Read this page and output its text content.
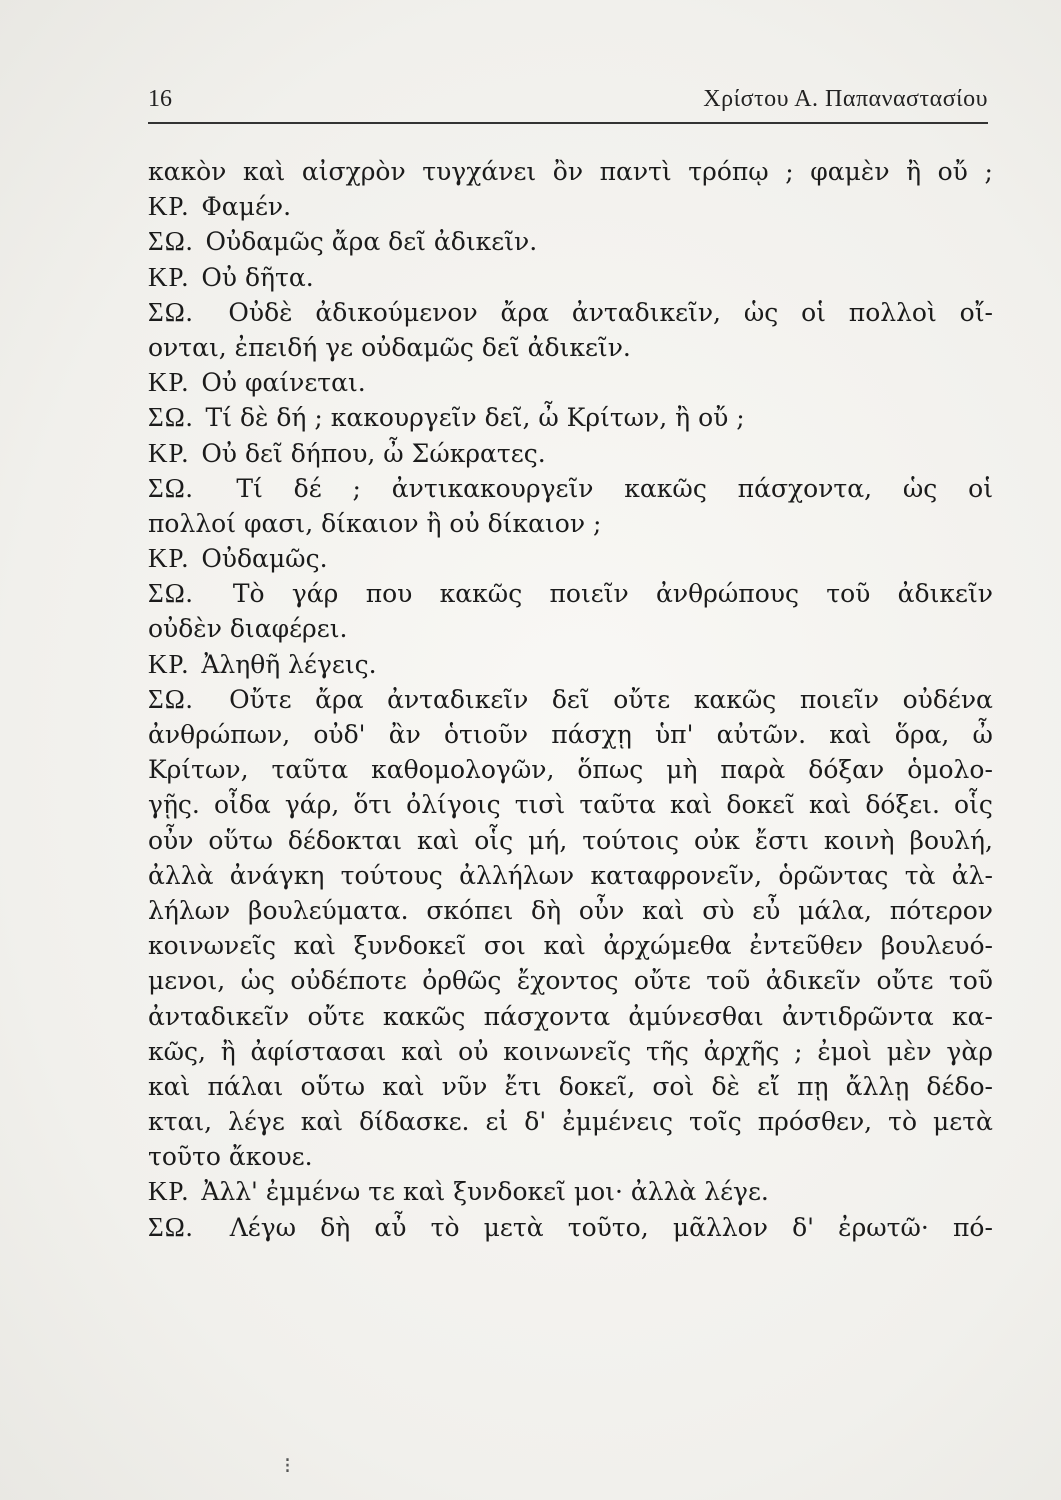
16	Χρίστου Α. Παπαναστασίου
κακὸν καὶ αἰσχρὸν τυγχάνει ὂν παντὶ τρόπῳ ; φαμὲν ἢ οὔ ;
ΚΡ. Φαμέν.
ΣΩ. Οὐδαμῶς ἄρα δεῖ ἀδικεῖν.
ΚΡ. Οὐ δῆτα.
ΣΩ. Οὐδὲ ἀδικούμενον ἄρα ἀνταδικεῖν, ὡς οἱ πολλοὶ οἴ-
ονται, ἐπειδή γε οὐδαμῶς δεῖ ἀδικεῖν.
ΚΡ. Οὐ φαίνεται.
ΣΩ. Τί δὲ δή ; κακουργεῖν δεῖ, ὦ Κρίτων, ἢ οὔ ;
ΚΡ. Οὐ δεῖ δήπου, ὦ Σώκρατες.
ΣΩ. Τί δέ ; ἀντικακουργεῖν κακῶς πάσχοντα, ὡς οἱ
πολλοί φασι, δίκαιον ἢ οὐ δίκαιον ;
ΚΡ. Οὐδαμῶς.
ΣΩ. Τὸ γάρ που κακῶς ποιεῖν ἀνθρώπους τοῦ ἀδικεῖν
οὐδὲν διαφέρει.
ΚΡ. Ἀληθῆ λέγεις.
ΣΩ. Οὔτε ἄρα ἀνταδικεῖν δεῖ οὔτε κακῶς ποιεῖν οὐδένα
ἀνθρώπων, οὐδ' ἂν ὁτιοῦν πάσχῃ ὑπ' αὐτῶν. καὶ ὅρα, ὦ
Κρίτων, ταῦτα καθομολογῶν, ὅπως μὴ παρὰ δόξαν ὁμολο-
γῇς. οἶδα γάρ, ὅτι ὀλίγοις τισὶ ταῦτα καὶ δοκεῖ καὶ δόξει. οἷς
οὖν οὕτω δέδοκται καὶ οἷς μή, τούτοις οὐκ ἔστι κοινὴ βουλή,
ἀλλὰ ἀνάγκη τούτους ἀλλήλων καταφρονεῖν, ὁρῶντας τὰ ἀλ-
λήλων βουλεύματα. σκόπει δὴ οὖν καὶ σὺ εὖ μάλα, πότερον
κοινωνεῖς καὶ ξυνδοκεῖ σοι καὶ ἀρχώμεθα ἐντεῦθεν βουλευό-
μενοι, ὡς οὐδέποτε ὀρθῶς ἔχοντος οὔτε τοῦ ἀδικεῖν οὔτε τοῦ
ἀνταδικεῖν οὔτε κακῶς πάσχοντα ἀμύνεσθαι ἀντιδρῶντα κα-
κῶς, ἢ ἀφίστασαι καὶ οὐ κοινωνεῖς τῆς ἀρχῆς ; ἐμοὶ μὲν γὰρ
καὶ πάλαι οὕτω καὶ νῦν ἔτι δοκεῖ, σοὶ δὲ εἴ πῃ ἄλλῃ δέδο-
κται, λέγε καὶ δίδασκε. εἰ δ' ἐμμένεις τοῖς πρόσθεν, τὸ μετὰ
τοῦτο ἄκουε.
ΚΡ. Ἀλλ' ἐμμένω τε καὶ ξυνδοκεῖ μοι· ἀλλὰ λέγε.
ΣΩ. Λέγω δὴ αὖ τὸ μετὰ τοῦτο, μᾶλλον δ' ἐρωτῶ· πό-
⁝
